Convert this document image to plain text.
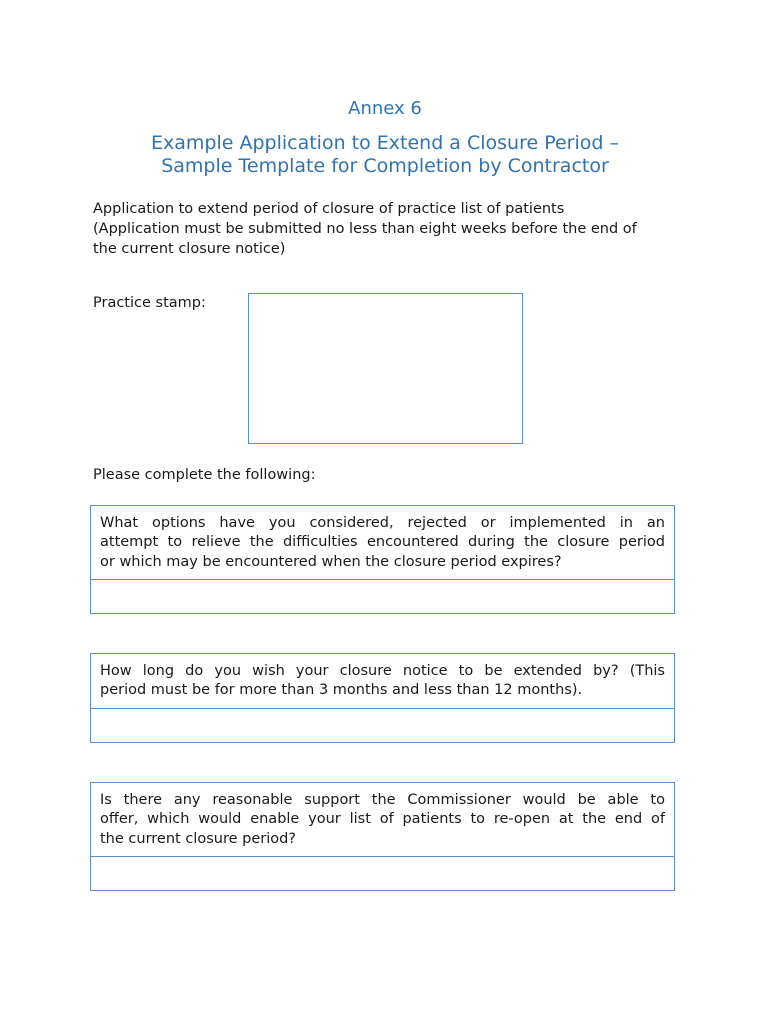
Annex 6
Example Application to Extend a Closure Period –
Sample Template for Completion by Contractor
Application to extend period of closure of practice list of patients
(Application must be submitted no less than eight weeks before the end of
the current closure notice)
Practice stamp:
Please complete the following:
What options have you considered, rejected or implemented in an
attempt to relieve the difficulties encountered during the closure period
or which may be encountered when the closure period expires?
How long do you wish your closure notice to be extended by? (This
period must be for more than 3 months and less than 12 months).
Is there any reasonable support the Commissioner would be able to
offer, which would enable your list of patients to re-open at the end of
the current closure period?
